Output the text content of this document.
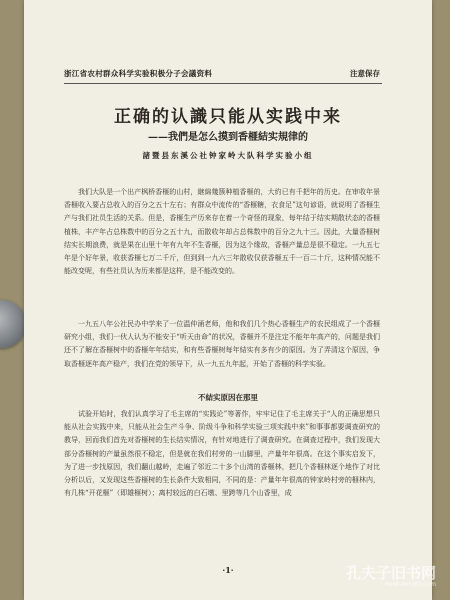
浙江省农村群众科学实验积极分子会議资料	注意保存
正确的认識只能从实践中来
——我們是怎么摸到香榧結实規律的
諸暨县东溪公社钟家岭大队科学实验小组

我们大队是一个出产枫桥香榧的山村，継綿幾簇种植香榧的，大約已有千把年的历史。在审收年景香榧收入要占总收入的百分之五十左右；有群众中流传的“香榧糖，衣食足”这句谚语，就说明了香榧生产与我们社员生活的关系。但是，香榧生产历来存在着一个奇怪的现象，每年结于结实期散状态的香榧植株，丰产年占总株数中的百分之五十九，而散收年却占总株数中的百分之九十三。因此，大量香榧树结实长期浪费，就是果在山里十年有九年不生香榧，因为这个缘故，香榧产量总是很不稳定。一九五七年是个好年景，收获香榧七万二千斤，但到到一九六三年散收仅获香榧五千一百二十斤，这种情况能不能改变呢，有些社员认为历来都是这样，是不能改变的。

一九五八年公社民办中学来了一位温仲涌老师，他和我们几个热心香榧生产的农民组成了一个香榧研究小组，我们一伙人认为不能安于“听天由命”的状况，香榧并不是注定不能年年高产的，问题是我们还不了解在香榧树中的香榧年年结实，和有些香榧树每年結实有多有少的原因。为了弄清这个原因，争取香榧逐年高产稳产，我们在党的领导下，从一九五九年起，开始了香榧的科学实验。

不結实原因在那里

试验开始时，我们认真学习了毛主席的“实践论”等著作，牢牢记住了毛主席关于“人的正确思想只能从社会实践中来，只能从社会生产斗争、阶级斗争和科学实验三项实践中来”和事事都要调查研究的教导，回而我们首先对香榧树的生长结实情况，有针对地进行了调查研究。在调查过程中，我们发现大部分香榧树的产量虽然很不稳定，但是就在我们村旁的一山脚里，产量年年很高。在这个事实启发下，为了进一步找原因，我们翻山越岭，走遍了邻近二十多个山湾的香榧林，把几个香榧林逐个地作了对比分析以后，又发现这些香榧树的生长条件大致相同，不同的是：产量年年很高的钟家岭村旁的榧林内，有几株“开花榧”（即雄榧树）；离村较远的白石墩、里跨等几个山香里，成

·1·	孔夫子旧书网
book.kongfz.com
